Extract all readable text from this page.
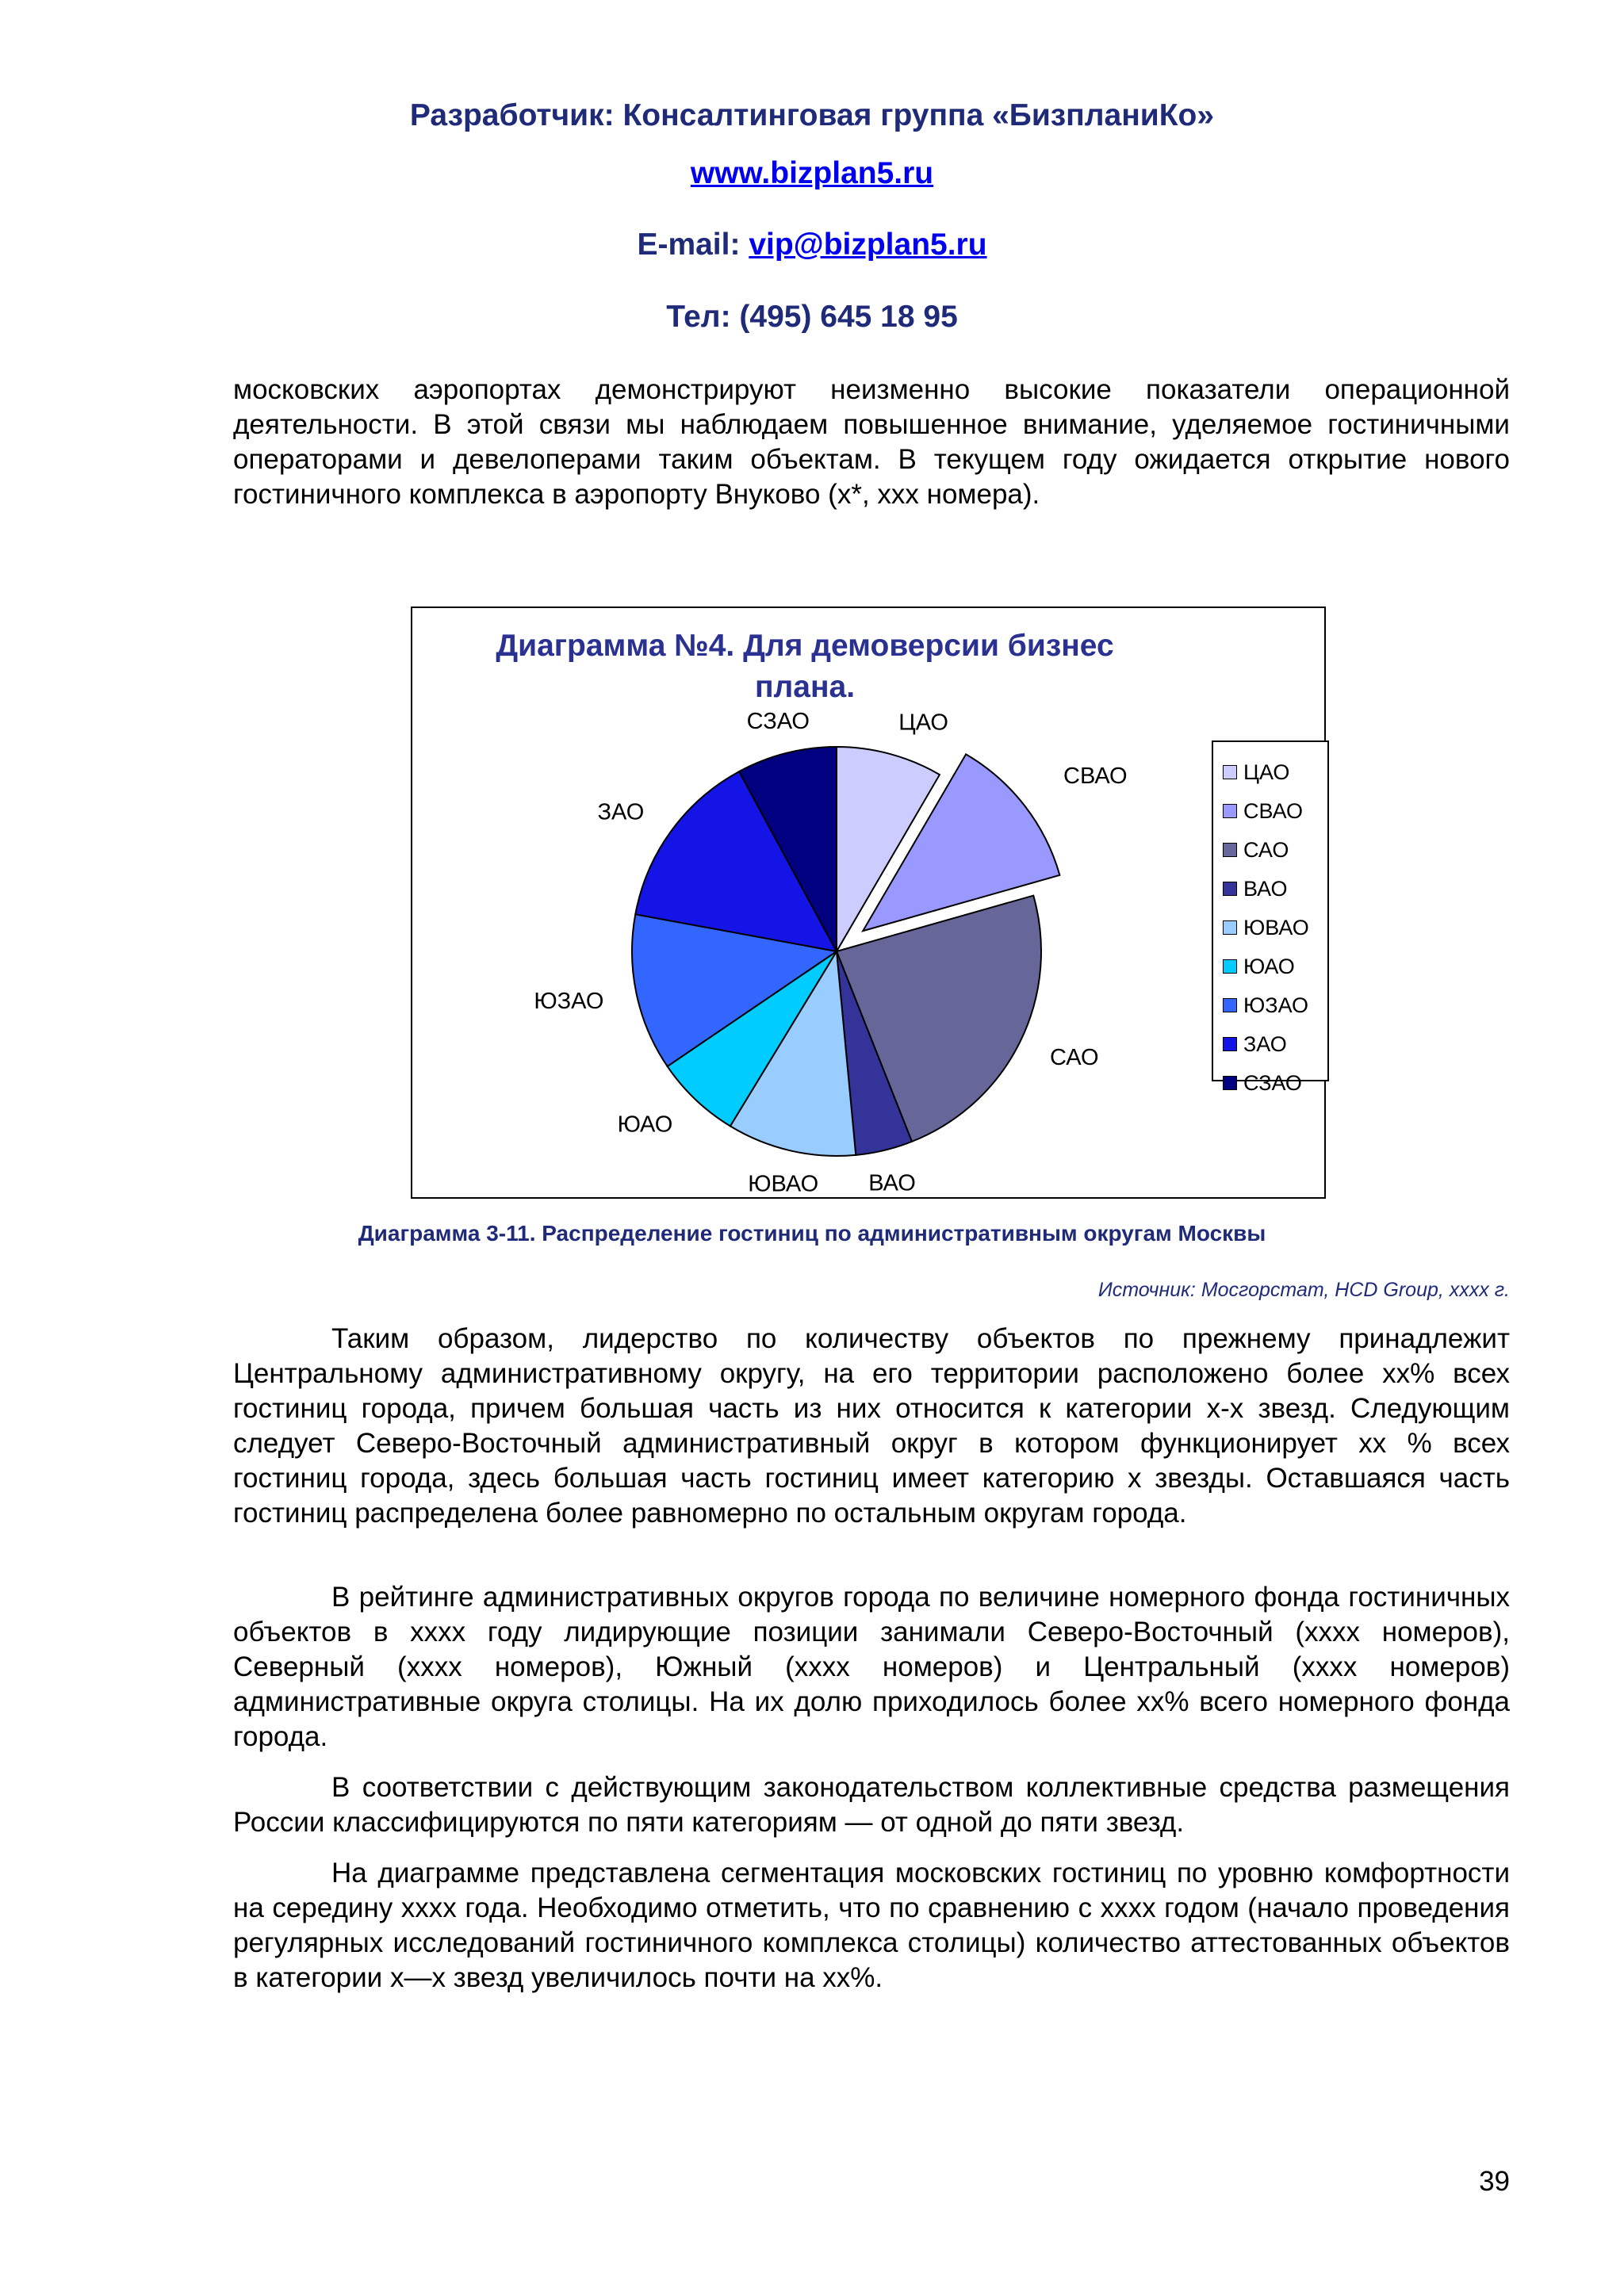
Разработчик: Консалтинговая группа «БизпланиКо»
www.bizplan5.ru
E-mail: vip@bizplan5.ru
Тел: (495) 645 18 95

московских аэропортах демонстрируют неизменно высокие показатели операционной деятельности. В этой связи мы наблюдаем повышенное внимание, уделяемое гостиничными операторами и девелоперами таким объектам. В текущем году ожидается открытие нового гостиничного комплекса в аэропорту Внуково (х*, ххх номера).

Диаграмма №4. Для демоверсии бизнес плана.
ЦАО
СВАО
САО
ВАО
ЮВАО
ЮАО
ЮЗАО
ЗАО
СЗАО
ЦАО
СВАО
САО
ВАО
ЮВАО
ЮАО
ЮЗАО
ЗАО
СЗАО
Диаграмма 3-11. Распределение гостиниц по административным округам Москвы
Источник: Мосгорстат, HCD Group, хххх г.

Таким образом, лидерство по количеству объектов по прежнему принадлежит Центральному административному округу, на его территории расположено более хх% всех гостиниц города, причем большая часть из них относится к категории х-х звезд. Следующим следует Северо-Восточный административный округ в котором функционирует хх % всех гостиниц города, здесь большая часть гостиниц имеет категорию х звезды. Оставшаяся часть гостиниц распределена более равномерно по остальным округам города.

В рейтинге административных округов города по величине номерного фонда гостиничных объектов в хххх году лидирующие позиции занимали Северо-Восточный (хххх номеров), Северный (хххх номеров), Южный (хххх номеров) и Центральный (хххх номеров) административные округа столицы. На их долю приходилось более хх% всего номерного фонда города.

В соответствии с действующим законодательством коллективные средства размещения России классифицируются по пяти категориям — от одной до пяти звезд.

На диаграмме представлена сегментация московских гостиниц по уровню комфортности на середину хххх года. Необходимо отметить, что по сравнению с хххх годом (начало проведения регулярных исследований гостиничного комплекса столицы) количество аттестованных объектов в категории х—х звезд увеличилось почти на хх%.

39
